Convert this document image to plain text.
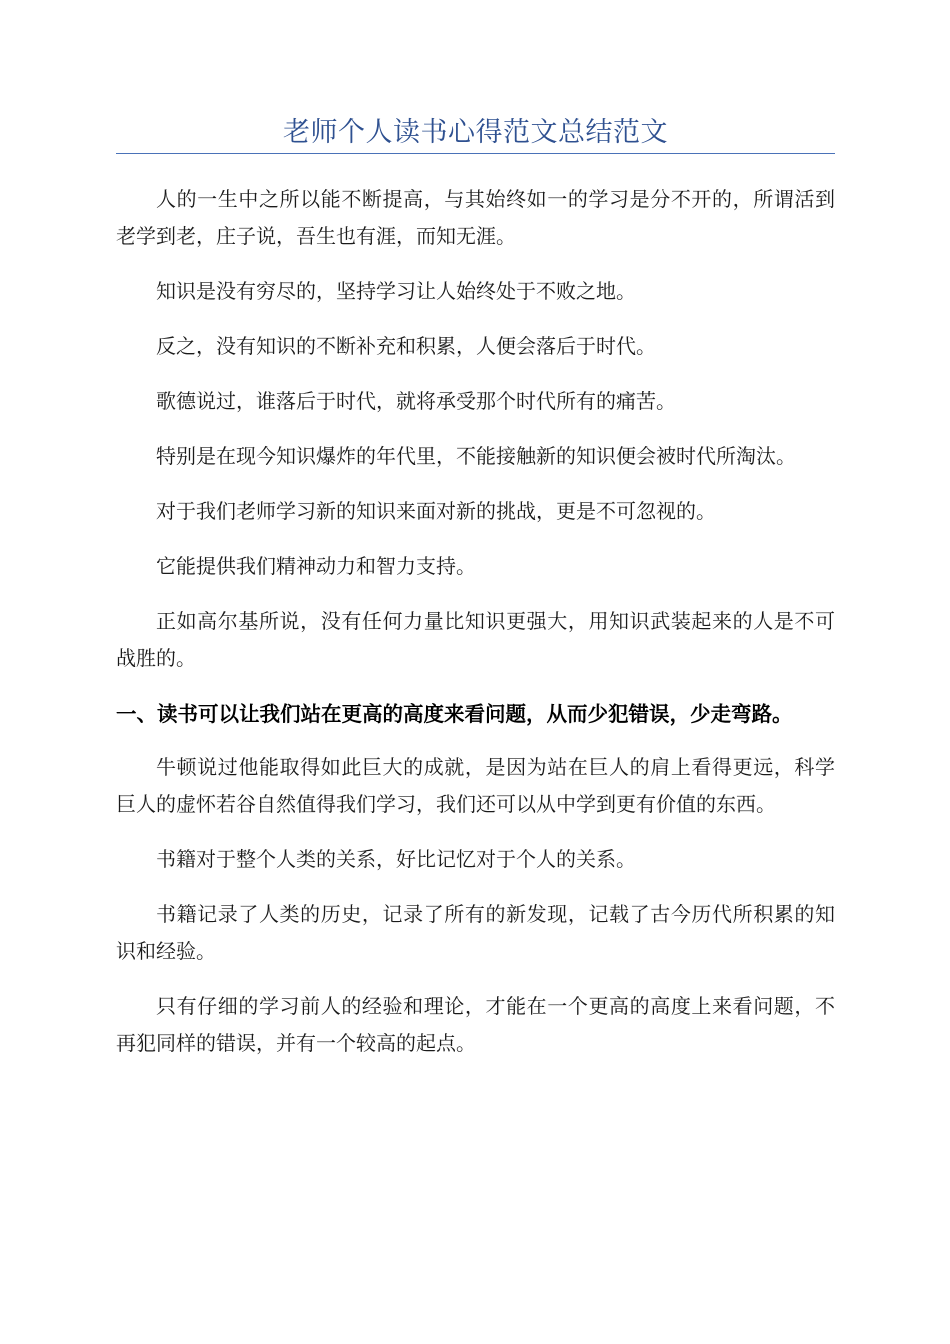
老师个人读书心得范文总结范文

人的一生中之所以能不断提高，与其始终如一的学习是分不开的，所谓活到老学到老，庄子说，吾生也有涯，而知无涯。

知识是没有穷尽的，坚持学习让人始终处于不败之地。

反之，没有知识的不断补充和积累，人便会落后于时代。

歌德说过，谁落后于时代，就将承受那个时代所有的痛苦。

特别是在现今知识爆炸的年代里，不能接触新的知识便会被时代所淘汰。

对于我们老师学习新的知识来面对新的挑战，更是不可忽视的。

它能提供我们精神动力和智力支持。

正如高尔基所说，没有任何力量比知识更强大，用知识武装起来的人是不可战胜的。

一、读书可以让我们站在更高的高度来看问题，从而少犯错误，少走弯路。

牛顿说过他能取得如此巨大的成就，是因为站在巨人的肩上看得更远，科学巨人的虚怀若谷自然值得我们学习，我们还可以从中学到更有价值的东西。

书籍对于整个人类的关系，好比记忆对于个人的关系。

书籍记录了人类的历史，记录了所有的新发现，记载了古今历代所积累的知识和经验。

只有仔细的学习前人的经验和理论，才能在一个更高的高度上来看问题，不再犯同样的错误，并有一个较高的起点。
